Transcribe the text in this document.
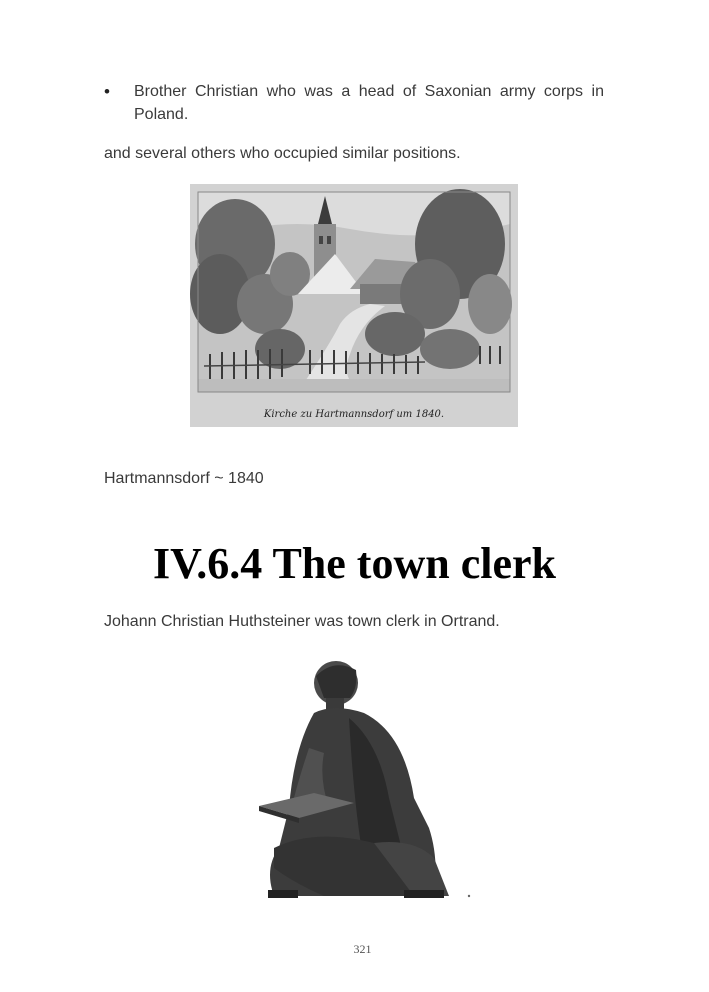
• Brother Christian who was a head of Saxonian army corps in Poland.
and several others who occupied similar positions.
Kirche zu Hartmannsdorf um 1840.
Hartmannsdorf ~ 1840
IV.6.4 The town clerk
Johann Christian Huthsteiner was town clerk in Ortrand.
321
